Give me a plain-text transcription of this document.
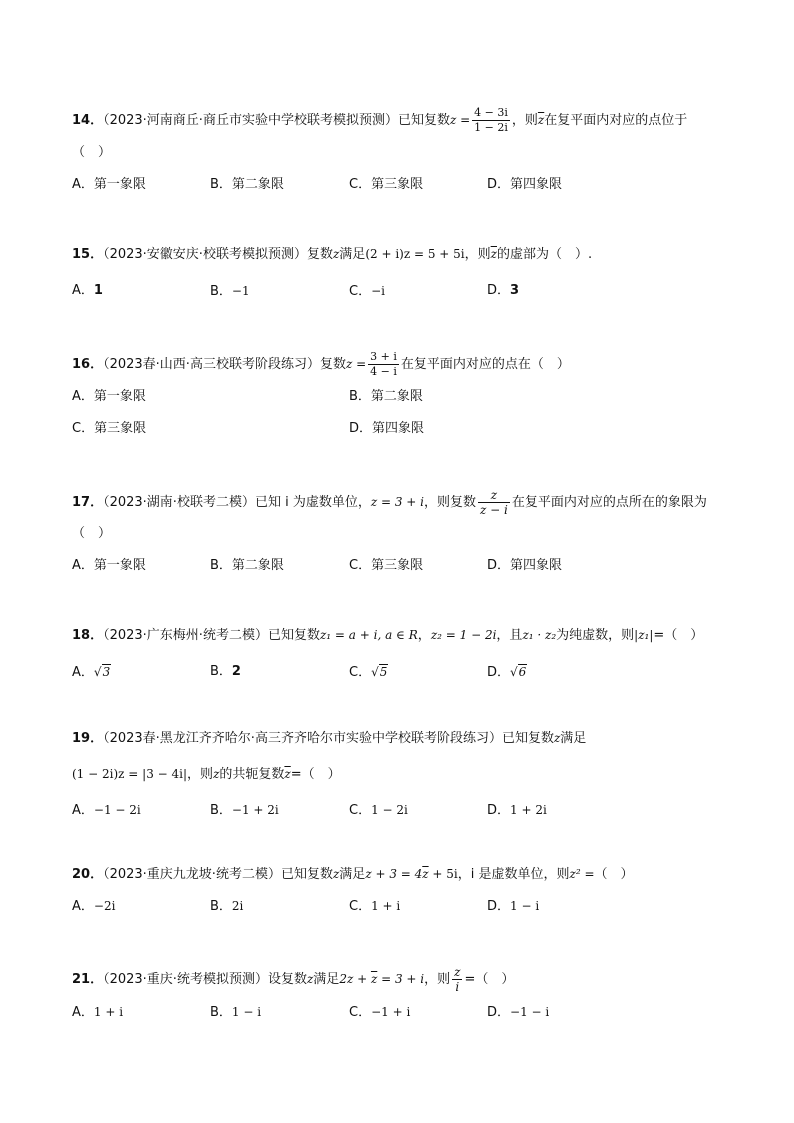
14．（2023·河南商丘·商丘市实验中学校联考模拟预测）已知复数$z = \frac{4 - 3i}{1 - 2i}$ ，则$\overline{z}$在复平面内对应的点位于
（　）
A．第一象限	B．第二象限	C．第三象限	D．第四象限
15．（2023·安徽安庆·校联考模拟预测）复数z满足(2 + i)z = 5 + 5i，则$\overline{z}$的虚部为（　）.
A．1	B．−1	C．−i	D．3
16．（2023春·山西·高三校联考阶段练习）复数$z = \frac{3 + i}{4 - i}$ 在复平面内对应的点在（　）
A．第一象限	B．第二象限
C．第三象限	D．第四象限
17．（2023·湖南·校联考二模）已知 i 为虚数单位，z = 3 + i，则复数 $\frac{z}{z - i}$ 在复平面内对应的点所在的象限为
（　）
A．第一象限	B．第二象限	C．第三象限	D．第四象限
18．（2023·广东梅州·统考二模）已知复数z₁ = a + i, a ∈ R，z₂ = 1 − 2i，且z₁ · z₂为纯虚数，则|z₁|=（　）
A．√3	B．2	C．√5	D．√6
19．（2023春·黑龙江齐齐哈尔·高三齐齐哈尔市实验中学校联考阶段练习）已知复数z满足
(1 − 2i)z = |3 − 4i|，则z的共轭复数$\overline{z}=$（　）
A．−1 − 2i	B．−1 + 2i	C．1 − 2i	D．1 + 2i
20．（2023·重庆九龙坡·统考二模）已知复数z满足$z + 3 = 4\overline{z} + 5i$，i 是虚数单位，则z² =（　）
A．−2i	B．2i	C．1 + i	D．1 − i
21．（2023·重庆·统考模拟预测）设复数z满足$2z + \overline{z} = 3 + i$，则 $\frac{z}{i}$ =（　）
A．1 + i	B．1 − i	C．−1 + i	D．−1 − i
